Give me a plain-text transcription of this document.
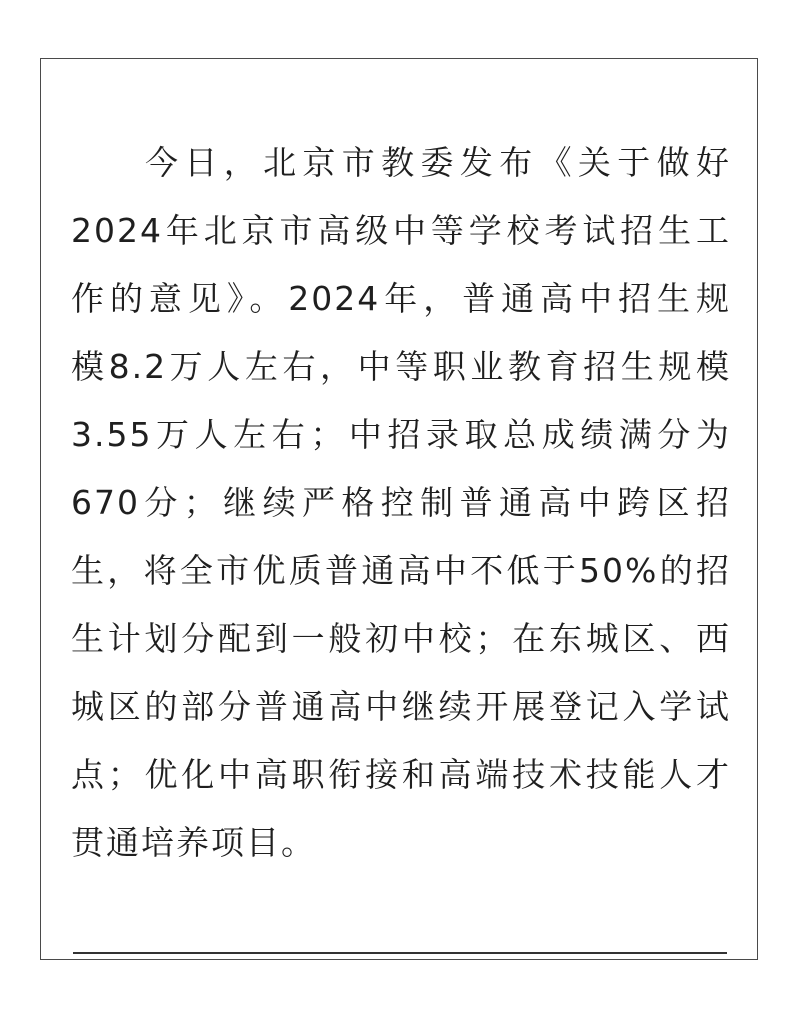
今日，北京市教委发布《关于做好
2024年北京市高级中等学校考试招生工
作的意见》。2024年，普通高中招生规
模8.2万人左右，中等职业教育招生规模
3.55万人左右；中招录取总成绩满分为
670分；继续严格控制普通高中跨区招
生，将全市优质普通高中不低于50%的招
生计划分配到一般初中校；在东城区、西
城区的部分普通高中继续开展登记入学试
点；优化中高职衔接和高端技术技能人才
贯通培养项目。
